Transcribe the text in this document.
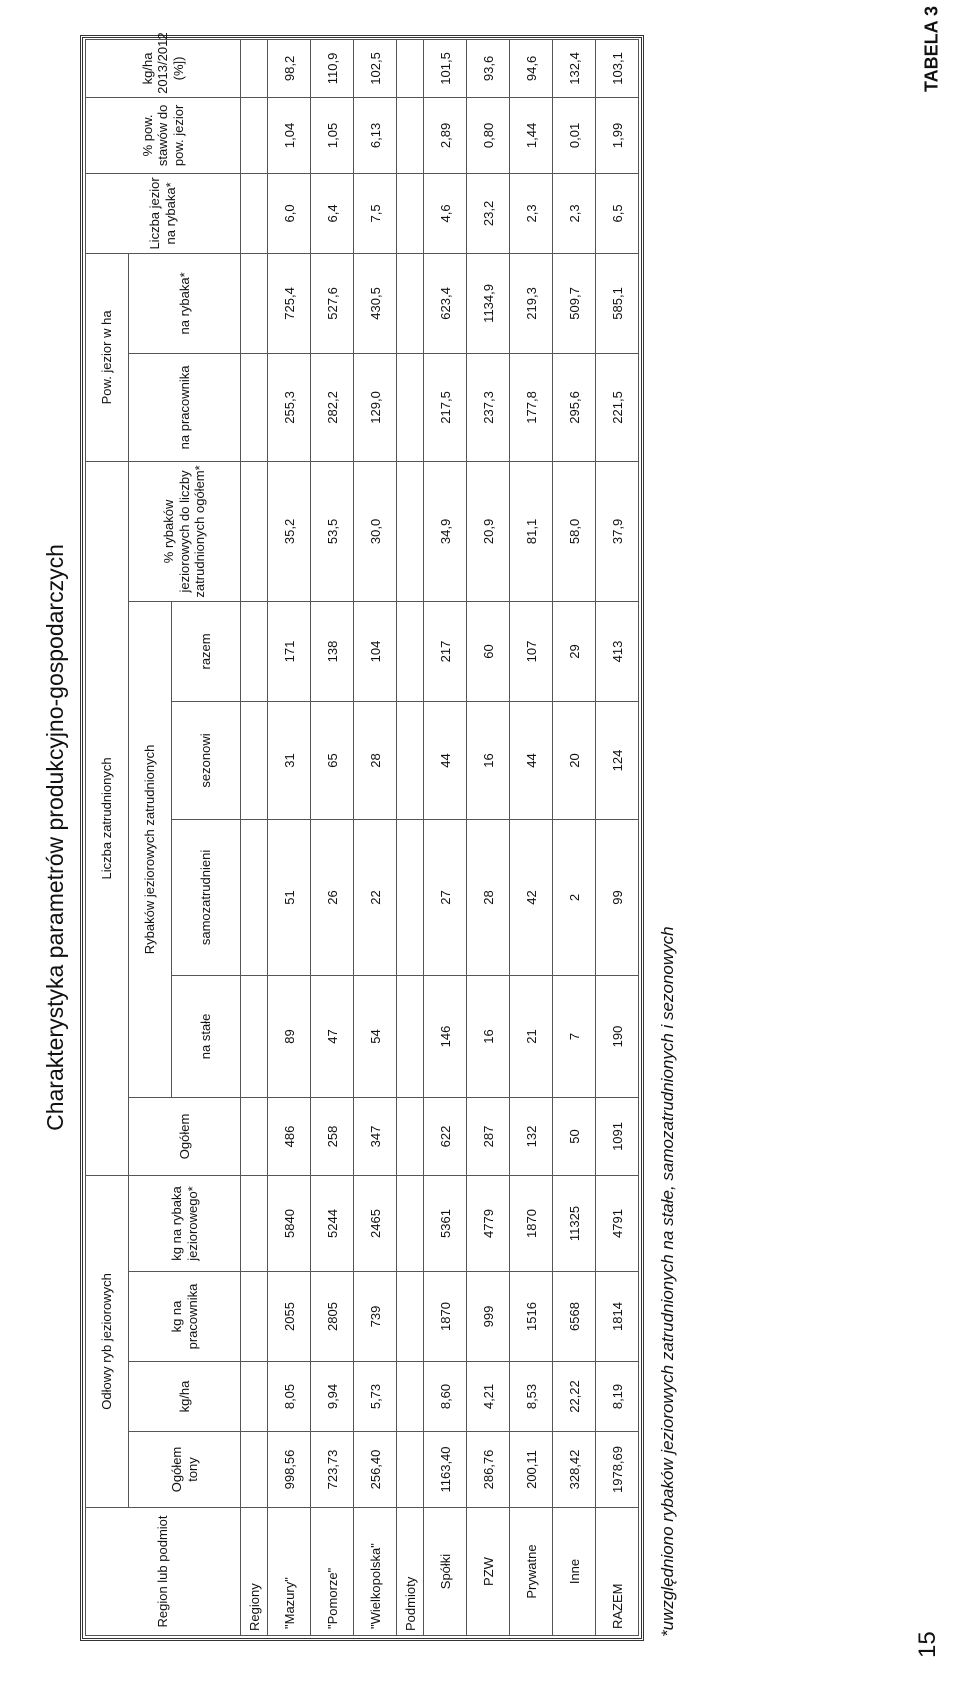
TABELA 3
Charakterystyka parametrów produkcyjno-gospodarczych
Region lub podmiot	Odłowy ryb jeziorowych				Liczba zatrudnionych						Pow. jezior w ha		Liczba jezior na rybaka*	% pow. stawów do pow. jezior	kg/ha 2013/2012 (%])
	Ogółem tony	kg/ha	kg na pracownika	kg na rybaka jeziorowego*	Ogółem	Rybaków jeziorowych zatrudnionych				% rybaków jeziorowych do liczby zatrudnionych ogółem*	na pracownika	na rybaka*			
						na stałe	samozatrudnieni	sezonowi	razem						
Regiony															
"Mazury"	998,56	8,05	2055	5840	486	89	51	31	171	35,2	255,3	725,4	6,0	1,04	98,2
"Pomorze"	723,73	9,94	2805	5244	258	47	26	65	138	53,5	282,2	527,6	6,4	1,05	110,9
"Wielkopolska"	256,40	5,73	739	2465	347	54	22	28	104	30,0	129,0	430,5	7,5	6,13	102,5
Podmioty															
Spółki	1163,40	8,60	1870	5361	622	146	27	44	217	34,9	217,5	623,4	4,6	2,89	101,5
PZW	286,76	4,21	999	4779	287	16	28	16	60	20,9	237,3	1134,9	23,2	0,80	93,6
Prywatne	200,11	8,53	1516	1870	132	21	42	44	107	81,1	177,8	219,3	2,3	1,44	94,6
Inne	328,42	22,22	6568	11325	50	7	2	20	29	58,0	295,6	509,7	2,3	0,01	132,4
RAZEM	1978,69	8,19	1814	4791	1091	190	99	124	413	37,9	221,5	585,1	6,5	1,99	103,1
*uwzględniono rybaków jeziorowych zatrudnionych na stałe, samozatrudnionych i sezonowych
15
